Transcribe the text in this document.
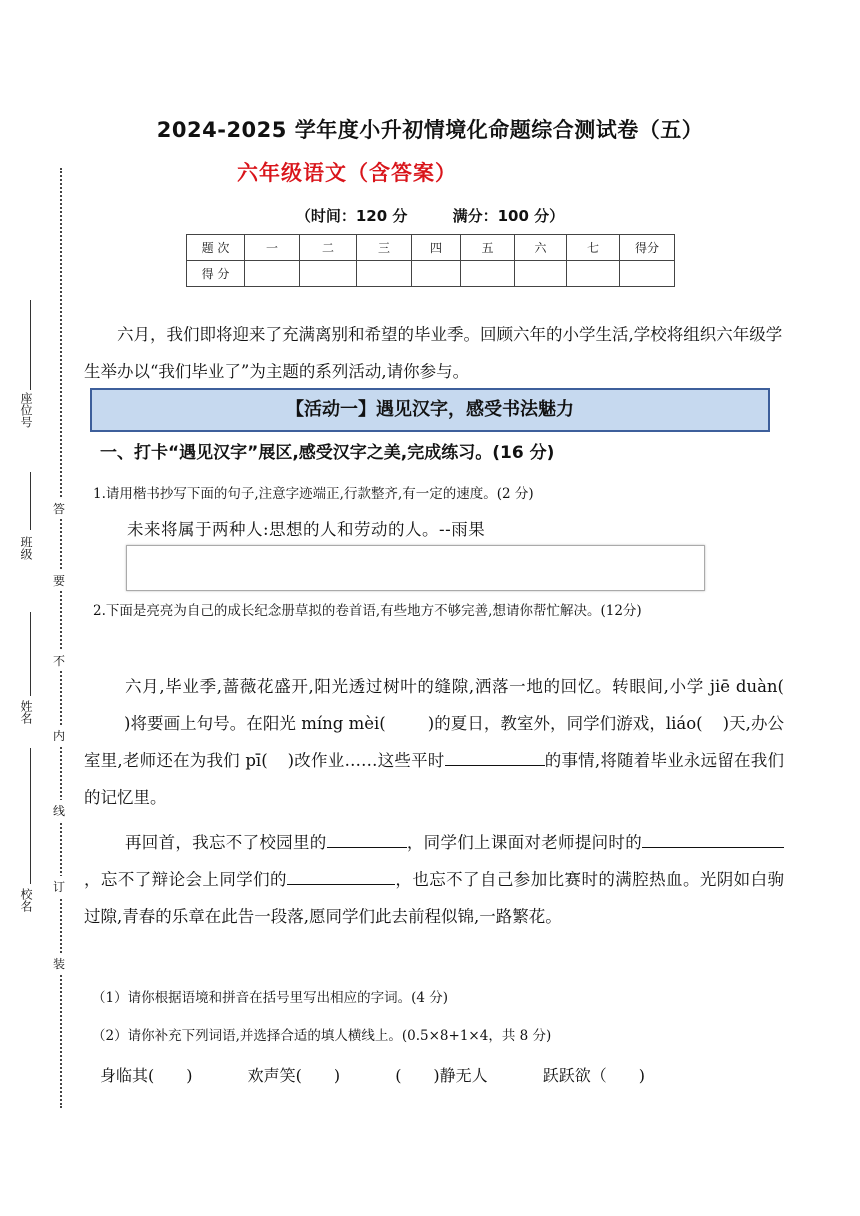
2024-2025 学年度小升初情境化命题综合测试卷（五）
六年级语文（含答案）
（时间：120 分	满分：100 分）
题 次	一	二	三	四	五	六	七	得分
得 分								
六月，我们即将迎来了充满离别和希望的毕业季。回顾六年的小学生活,学校将组织六年级学生举办以“我们毕业了”为主题的系列活动,请你参与。
【活动一】遇见汉字，感受书法魅力
一、打卡“遇见汉字”展区,感受汉字之美,完成练习。(16 分)
1.请用楷书抄写下面的句子,注意字迹端正,行款整齐,有一定的速度。(2 分)
未来将属于两种人:思想的人和劳动的人。--雨果
2.下面是亮亮为自己的成长纪念册草拟的卷首语,有些地方不够完善,想请你帮忙解决。(12分)
六月,毕业季,蔷薇花盛开,阳光透过树叶的缝隙,洒落一地的回忆。转眼间,小学 jiē duàn()将要画上句号。在阳光 míng mèi(	)的夏日，教室外，同学们游戏，liáo( )天,办公室里,老师还在为我们 pī( )改作业……这些平时	的事情,将随着毕业永远留在我们的记忆里。
再回首，我忘不了校园里的	，同学们上课面对老师提问时的，忘不了辩论会上同学们的	，也忘不了自己参加比赛时的满腔热血。光阴如白驹过隙,青春的乐章在此告一段落,愿同学们此去前程似锦,一路繁花。
（1）请你根据语境和拼音在括号里写出相应的字词。(4 分)
（2）请你补充下列词语,并选择合适的填人横线上。(0.5×8+1×4，共 8 分)
身临其(　　)	欢声笑(　　)	(　　)静无人	跃跃欲（　　)
座位号
班级
姓名
校名
答
要
不
内
线
订
装
